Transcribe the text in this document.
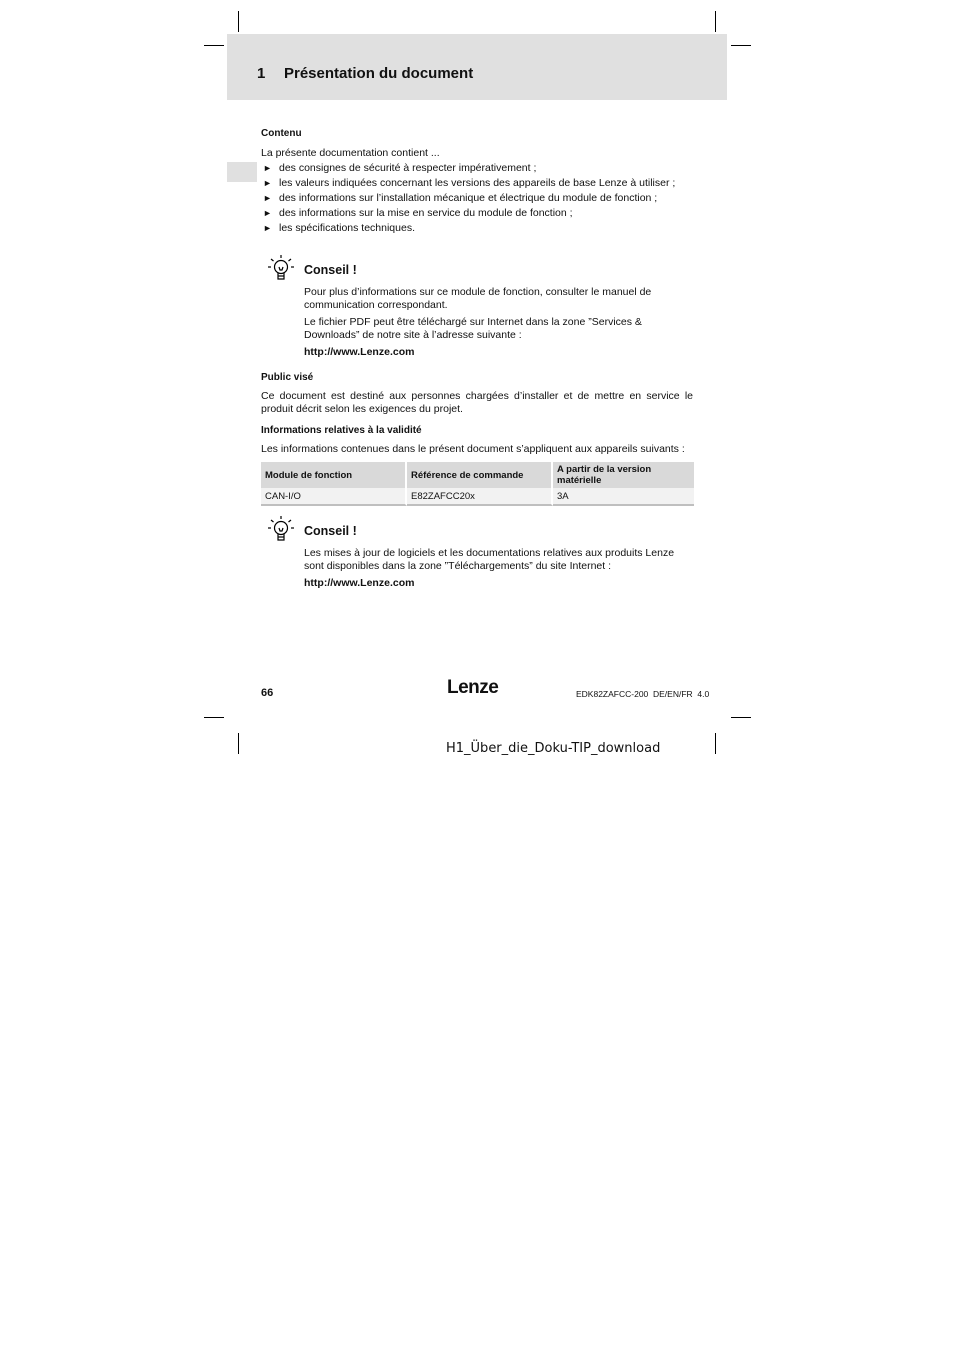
1 Présentation du document
Contenu
La présente documentation contient ...
► des consignes de sécurité à respecter impérativement ;
► les valeurs indiquées concernant les versions des appareils de base Lenze à utiliser ;
► des informations sur l’installation mécanique et électrique du module de fonction ;
► des informations sur la mise en service du module de fonction ;
► les spécifications techniques.
Conseil !
Pour plus d’informations sur ce module de fonction, consulter le manuel de communication correspondant.
Le fichier PDF peut être téléchargé sur Internet dans la zone ”Services & Downloads” de notre site à l’adresse suivante :
http://www.Lenze.com
Public visé
Ce document est destiné aux personnes chargées d’installer et de mettre en service le produit décrit selon les exigences du projet.
Informations relatives à la validité
Les informations contenues dans le présent document s’appliquent aux appareils suivants :
Module de fonction	Référence de commande	A partir de la version matérielle
CAN-I/O	E82ZAFCC20x	3A
Conseil !
Les mises à jour de logiciels et les documentations relatives aux produits Lenze sont disponibles dans la zone ”Téléchargements” du site Internet :
http://www.Lenze.com
66	Lenze	EDK82ZAFCC-200  DE/EN/FR  4.0
H1_Über_die_Doku-TIP_download
